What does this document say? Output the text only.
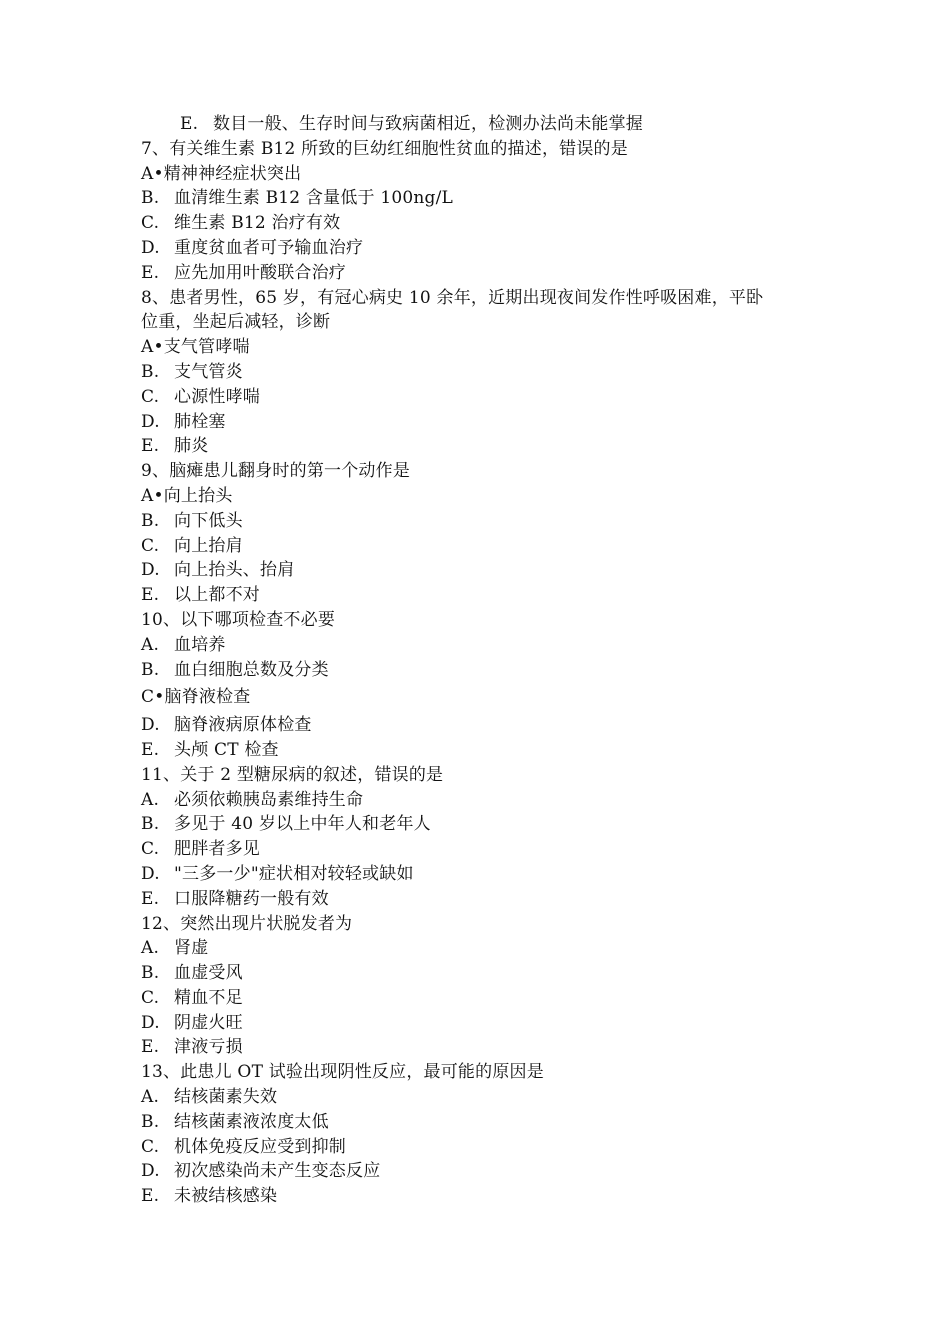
E. 数目一般、生存时间与致病菌相近，检测办法尚未能掌握
7、有关维生素 B12 所致的巨幼红细胞性贫血的描述，错误的是
A• 精神神经症状突出
B. 血清维生素 B12 含量低于 100ng/L
C. 维生素 B12 治疗有效
D. 重度贫血者可予输血治疗
E. 应先加用叶酸联合治疗
8、患者男性，65 岁，有冠心病史 10 余年，近期出现夜间发作性呼吸困难，平卧
位重，坐起后减轻，诊断
A• 支气管哮喘
B. 支气管炎
C. 心源性哮喘
D. 肺栓塞
E. 肺炎
9、脑瘫患儿翻身时的第一个动作是
A• 向上抬头
B. 向下低头
C. 向上抬肩
D. 向上抬头、抬肩
E. 以上都不对
10、以下哪项检查不必要
A. 血培养
B. 血白细胞总数及分类
C• 脑脊液检查
D. 脑脊液病原体检查
E. 头颅 CT 检查
11、关于 2 型糖尿病的叙述，错误的是
A. 必须依赖胰岛素维持生命
B. 多见于 40 岁以上中年人和老年人
C. 肥胖者多见
D. "三多一少"症状相对较轻或缺如
E. 口服降糖药一般有效
12、突然出现片状脱发者为
A. 肾虚
B. 血虚受风
C. 精血不足
D. 阴虚火旺
E. 津液亏损
13、此患儿 OT 试验出现阴性反应，最可能的原因是
A. 结核菌素失效
B. 结核菌素液浓度太低
C. 机体免疫反应受到抑制
D. 初次感染尚未产生变态反应
E. 未被结核感染
